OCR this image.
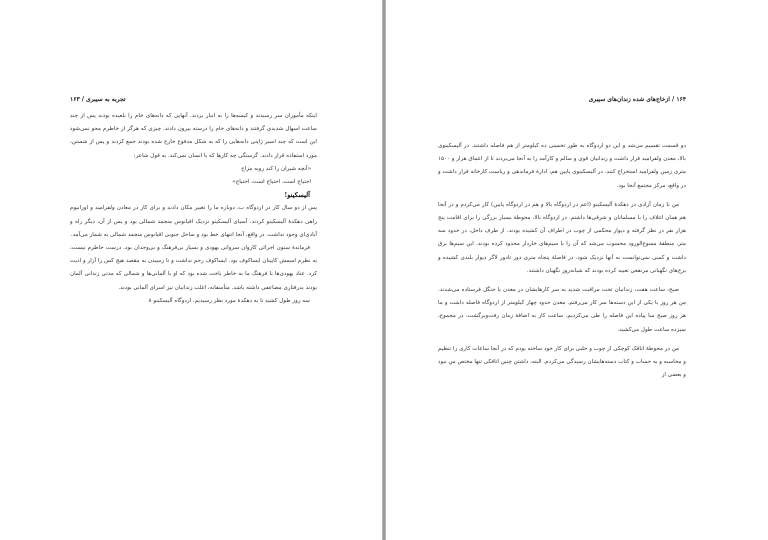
تجربه به سیبری / ۱۶۳

اینکه مأموران سر رسیدند و کیسه‌ها را به انبار بردند. آنهایی که دانه‌های خام را بلعیده بودند پس از چند ساعت اسهال شدیدی گرفتند و دانه‌های خام را درسته بیرون دادند. چیزی که هرگز از خاطرم محو نمی‌شود این است که چند اسیر ژاپنی دانه‌هایی را که به شکل مدفوع خارج شده بودند جمع کردند و پس از شستن، مورد استفاده قرار دادند. گرسنگی چه کارها که با انسان نمی‌کند. به قول شاعر:

«آنچه شیران را کند روبه مزاج

احتیاج است، احتیاج است، احتیاج»

آلیسکینو!

پس از دو سال کار در اردوگاه ب، دوباره ما را تغییر مکان دادند و برای کار در معادن ولفرامید و اورانیوم راهی دهکدهٔ آلیسکینو کردند. آسیای آلیسکینو نزدیک اقیانوس منجمد شمالی بود و پس از آن، دیگر راه و آبادی‌ای وجود نداشت. در واقع، آنجا انتهای خط بود و ساحل جنوبی اقیانوس منجمد شمالی به شمار می‌آمد.

فرماندهٔ ستون اجرائی کاروان سروانی یهودی و بسیار بی‌فرهنگ و بی‌وجدان بود. درست خاطرم نیست، به نظرم اسمش کاپیتان ایساکوف بود. ایساکوف رحم نداشت و تا رسیدن به مقصد هیچ کس را آزار و اذیت کرد. عناد یهودی‌ها با فرهنگ ما به خاطر باخت شده بود که او با آلمانی‌ها و شمالی که مدتی زندانی آلمان بودند بدرفتاری مضاعفی داشته باشد. متأسفانه، اغلب زندانیان نیز اسرای آلمانی بودند.

سه روز طول کشید تا به دهکدهٔ مورد نظر رسیدیم. اردوگاه آلیسکینو ۸

۱۶۴ / ازخاج‌های شده زندان‌های سیبری

دو قسمت تقسیم می‌شد و این دو اردوگاه به طور تخمینی ده کیلومتر از هم فاصله داشتند. در آلیسکینوی بالا، معدن ولفرامید قرار داشت و زندانیان قوی و سالم و کارآمد را به آنجا می‌بردند تا از اعماق هزار و ۱۵۰۰ متری زمین ولفرامید استخراج کنند. در آلیسکینوی پایین هم، ادارهٔ فرماندهی و ریاست کارخانه قرار داشت و در واقع، مرکز مجتمع آنجا بود.

من تا زمان آزادی در دهکدهٔ آلیسکینو (اعم در اردوگاه بالا و هم در اردوگاه پایین) کار می‌کردم و در آنجا هم همان ائتلاف را با مسلمانان و شرقی‌ها داشتم. در اردوگاه بالا، محوطهٔ بسیار بزرگی را برای اقامت پنج هزار نفر در نظر گرفته و دیوار محکمی از چوب در اطراف آن کشیده بودند. از طرف داخل، در حدود سه متر، منطقهٔ ممنوع‌الورود محسوب می‌شد که آن را با سیم‌های خاردار محدود کرده بودند. این سیم‌ها برق داشت و کسی نمی‌توانست به آنها نزدیک شود. در فاصلهٔ پنجاه متری دور تادور لاگر دیوار بلندی کشیده و برج‌های نگهبانی مرتفعی تعبیه کرده بودند که شبانه‌روز نگهبان داشتند.

صبح، ساعت هفت، زندانیان تحت مراقبت شدید به سر کارهایشان در معدن یا جنگل فرستاده می‌شدند. من هر روز با یکی از این دسته‌ها سر کار می‌رفتم. معدن حدود چهار کیلومتر از اردوگاه فاصله داشت و ما هر روز صبح سا پیاده این فاصله را طی می‌کردیم. ساعت کار به اضافهٔ زمان رفت‌وبرگشت، در مجموع، سیزده ساعت طول می‌کشید.

من در محوطهٔ اتاقک کوچکی از چوب و حلبی برای کار خود ساخته بودم که در آنجا ساعات کاری را تنظیم و محاسبه و به حساب و کتاب دسته‌هایشان رسیدگی می‌کردم. البته، داشتن چنین اتاقکی تنها مختص من نبود و بعضی از
